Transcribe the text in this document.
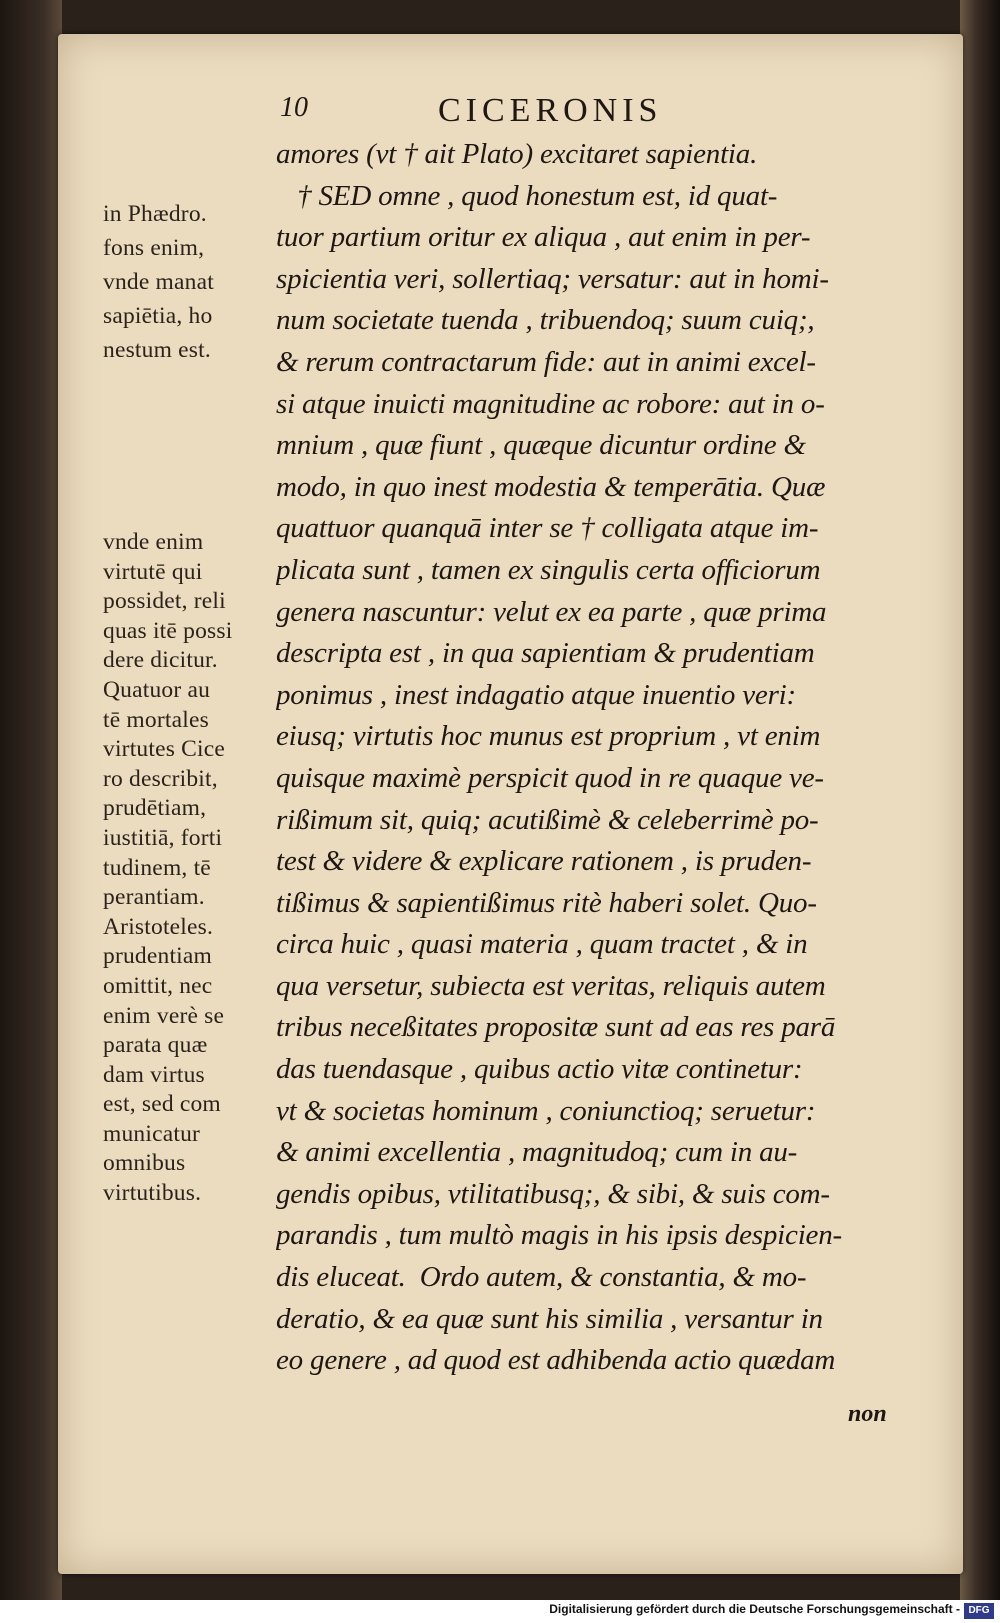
10	CICERONIS
in Phædro.
fons enim,
vnde manat
sapiētia, ho
nestum est.
vnde enim
virtutē qui
possidet, reli
quas itē possi
dere dicitur.
Quatuor au
tē mortales
virtutes Cice
ro describit,
prudētiam,
iustitiā, forti
tudinem, tē
perantiam.
Aristoteles.
prudentiam
omittit, nec
enim verè se
parata quæ
dam virtus
est, sed com
municatur
omnibus
virtutibus.
amores (vt † ait Plato) excitaret sapientia.
† SED omne , quod honestum est, id quat-
tuor partium oritur ex aliqua , aut enim in per-
spicientia veri, sollertiaq; versatur: aut in homi-
num societate tuenda , tribuendoq; suum cuiq;,
& rerum contractarum fide: aut in animi excel-
si atque inuicti magnitudine ac robore: aut in o-
mnium , quæ fiunt , quæque dicuntur ordine &
modo, in quo inest modestia & temperātia. Quæ
quattuor quanquā inter se † colligata atque im-
plicata sunt , tamen ex singulis certa officiorum
genera nascuntur: velut ex ea parte , quæ prima
descripta est , in qua sapientiam & prudentiam
ponimus , inest indagatio atque inuentio veri:
eiusq; virtutis hoc munus est proprium , vt enim
quisque maximè perspicit quod in re quaque ve-
rißimum sit, quiq; acutißimè & celeberrimè po-
test & videre & explicare rationem , is pruden-
tißimus & sapientißimus ritè haberi solet. Quo-
circa huic , quasi materia , quam tractet , & in
qua versetur, subiecta est veritas, reliquis autem
tribus neceßitates propositæ sunt ad eas res parā
das tuendasque , quibus actio vitæ continetur:
vt & societas hominum , coniunctioq; seruetur:
& animi excellentia , magnitudoq; cum in au-
gendis opibus, vtilitatibusq;, & sibi, & suis com-
parandis , tum multò magis in his ipsis despicien-
dis eluceat.  Ordo autem, & constantia, & mo-
deratio, & ea quæ sunt his similia , versantur in
eo genere , ad quod est adhibenda actio quædam
non
Digitalisierung gefördert durch die Deutsche Forschungsgemeinschaft - DFG
